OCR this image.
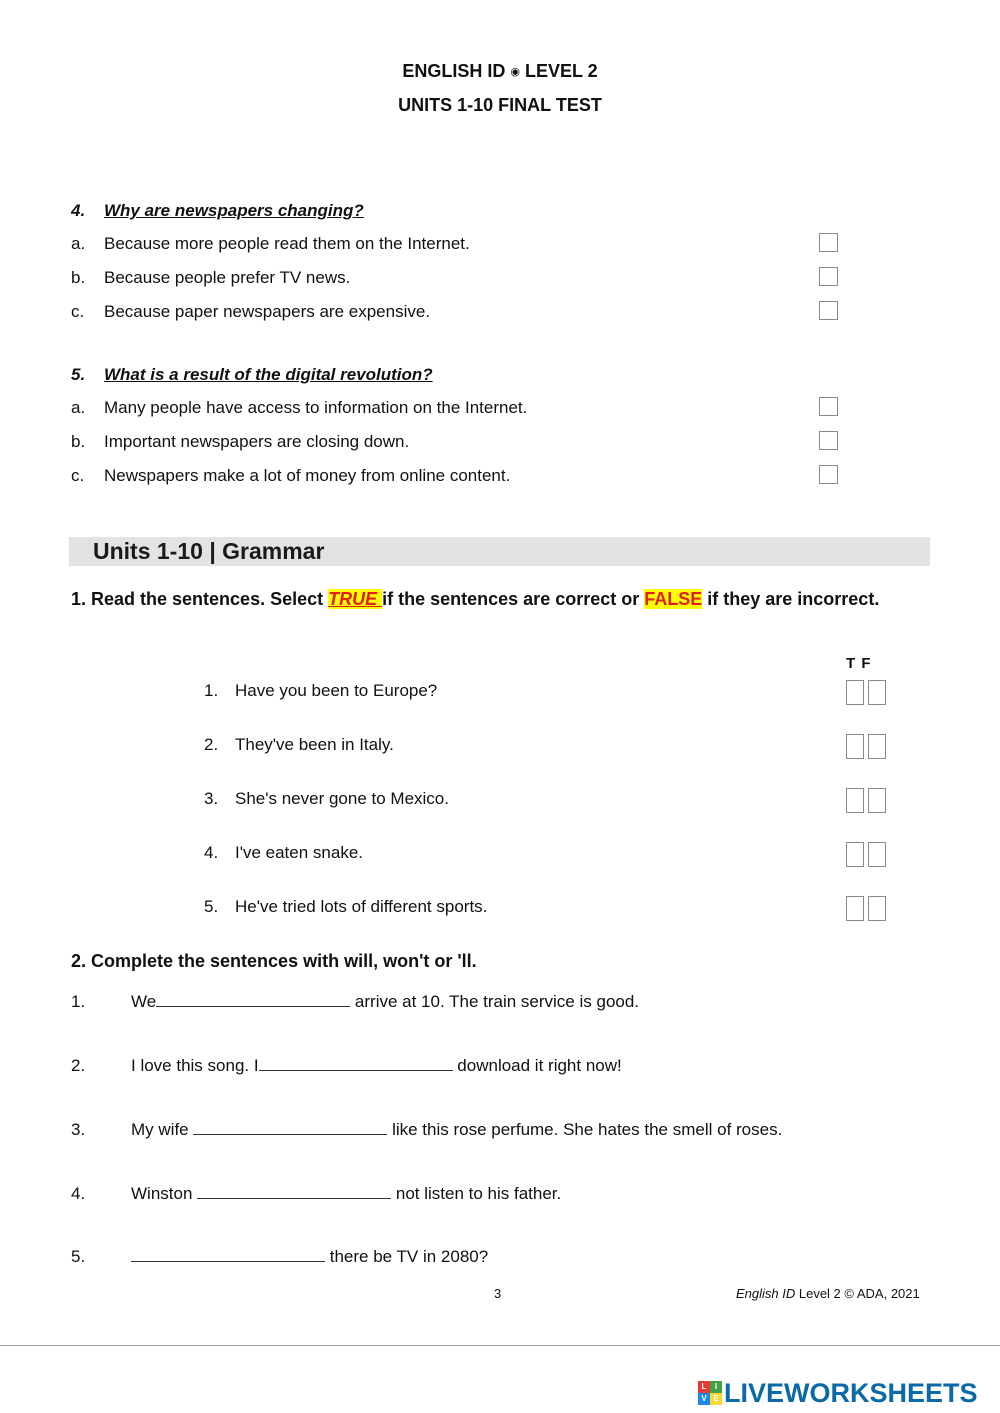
ENGLISH ID ◉ LEVEL 2
UNITS 1-10 FINAL TEST
4. Why are newspapers changing?
a. Because more people read them on the Internet.
b. Because people prefer TV news.
c. Because paper newspapers are expensive.
5. What is a result of the digital revolution?
a. Many people have access to information on the Internet.
b. Important newspapers are closing down.
c. Newspapers make a lot of money from online content.
Units 1-10 | Grammar
1. Read the sentences. Select TRUE if the sentences are correct or FALSE if they are incorrect.
T F
1. Have you been to Europe?
2. They've been in Italy.
3. She's never gone to Mexico.
4. I've eaten snake.
5. He've tried lots of different sports.
2. Complete the sentences with will, won't or 'll.
1.	We	arrive at 10. The train service is good.
2.	I love this song. I	download it right now!
3.	My wife	like this rose perfume. She hates the smell of roses.
4.	Winston	not listen to his father.
5.	there be TV in 2080?
3	English ID Level 2 © ADA, 2021
L	I
V E LIVEWORKSHEETS
